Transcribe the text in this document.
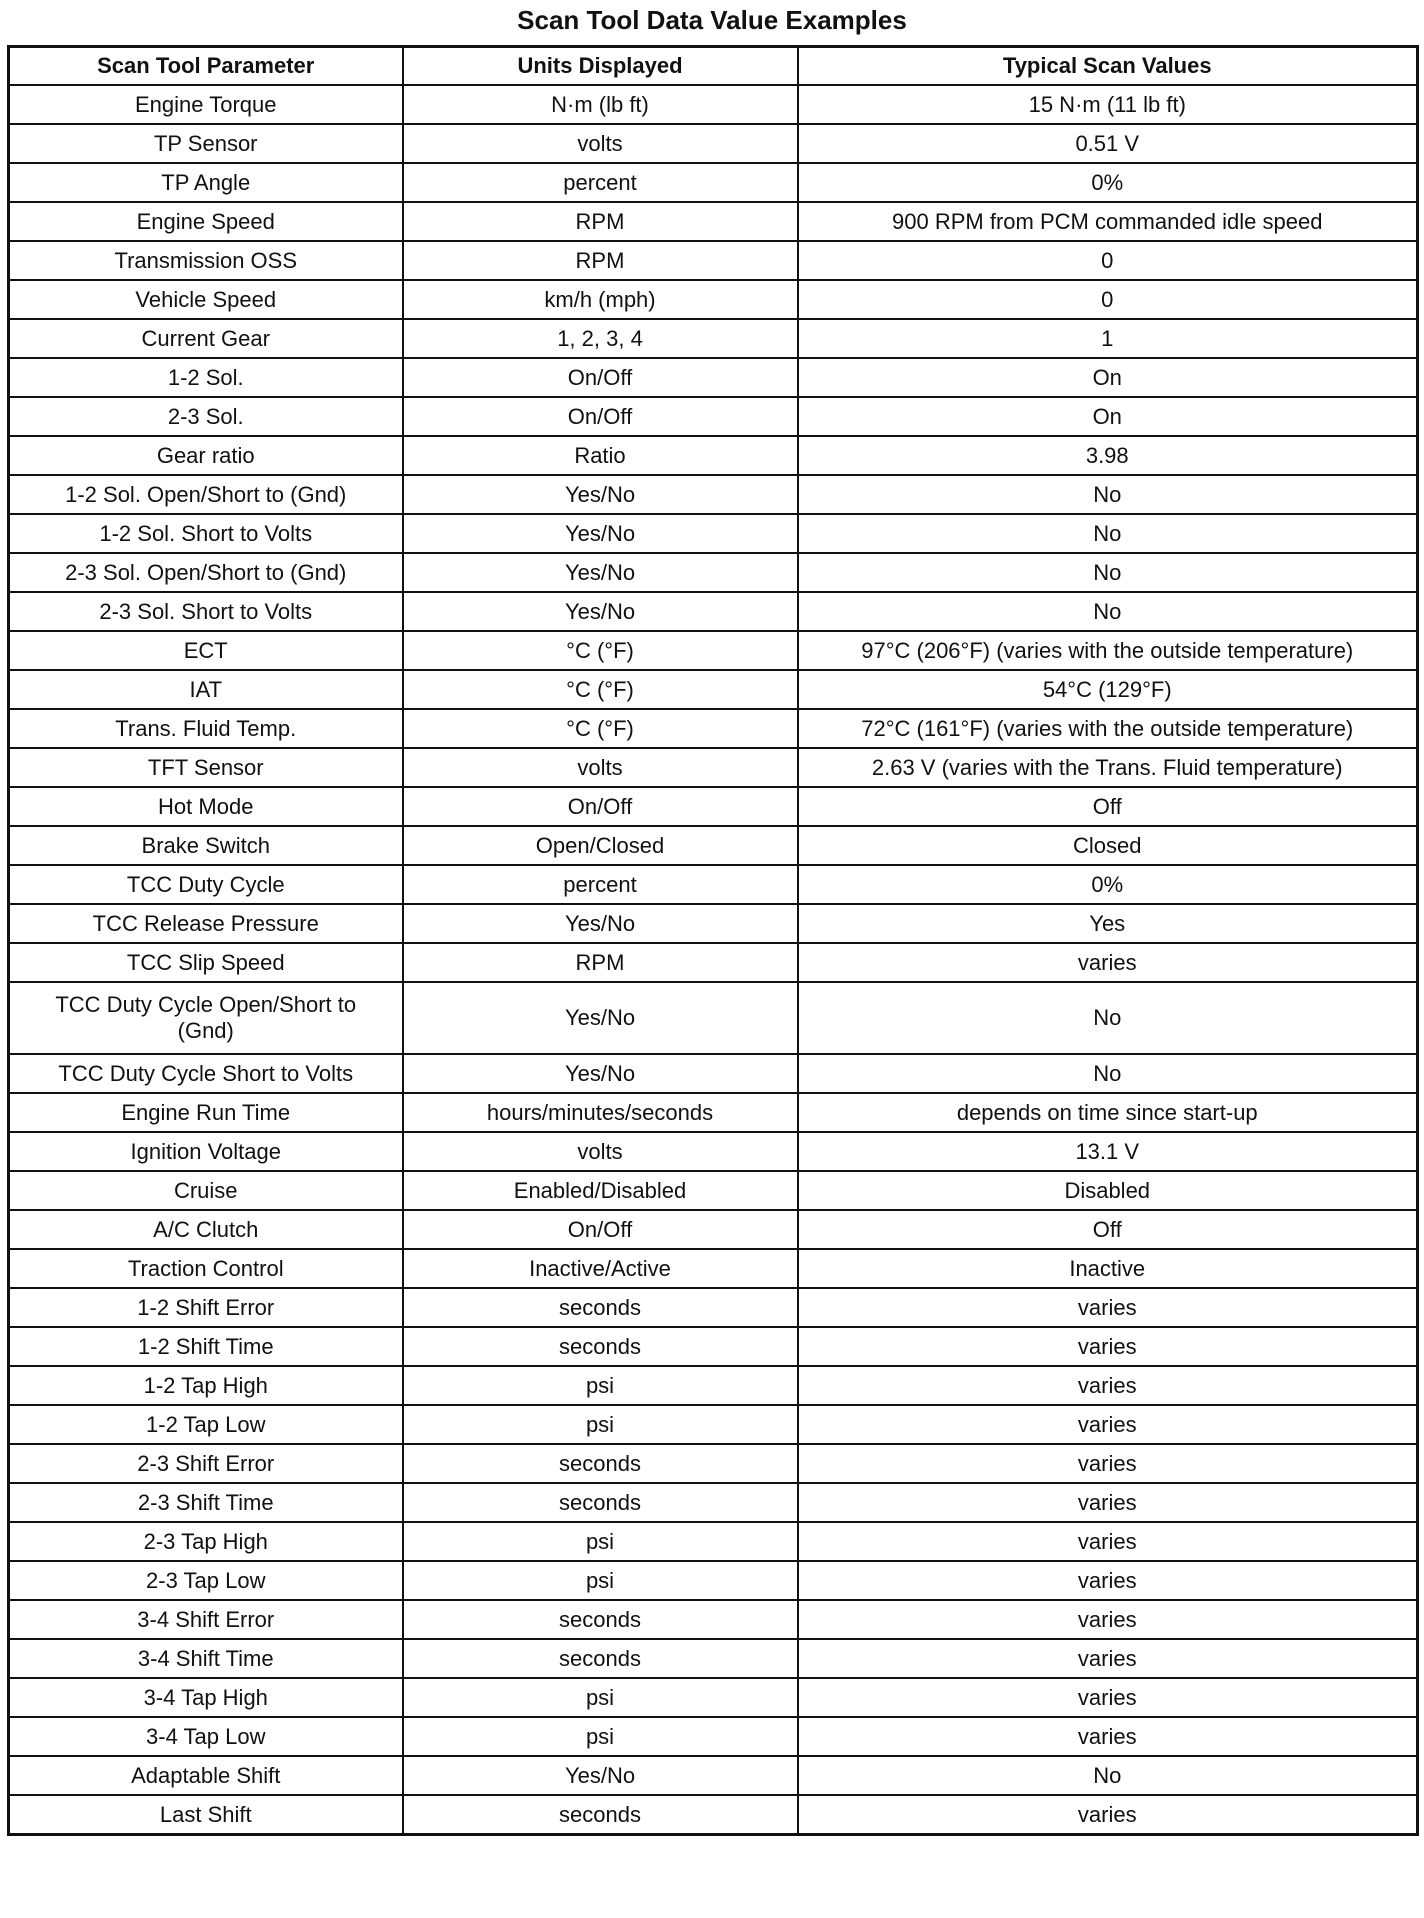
Scan Tool Data Value Examples
Scan Tool Parameter	Units Displayed	Typical Scan Values
Engine Torque	N·m (lb ft)	15 N·m (11 lb ft)
TP Sensor	volts	0.51 V
TP Angle	percent	0%
Engine Speed	RPM	900 RPM from PCM commanded idle speed
Transmission OSS	RPM	0
Vehicle Speed	km/h (mph)	0
Current Gear	1, 2, 3, 4	1
1-2 Sol.	On/Off	On
2-3 Sol.	On/Off	On
Gear ratio	Ratio	3.98
1-2 Sol. Open/Short to (Gnd)	Yes/No	No
1-2 Sol. Short to Volts	Yes/No	No
2-3 Sol. Open/Short to (Gnd)	Yes/No	No
2-3 Sol. Short to Volts	Yes/No	No
ECT	°C (°F)	97°C (206°F) (varies with the outside temperature)
IAT	°C (°F)	54°C (129°F)
Trans. Fluid Temp.	°C (°F)	72°C (161°F) (varies with the outside temperature)
TFT Sensor	volts	2.63 V (varies with the Trans. Fluid temperature)
Hot Mode	On/Off	Off
Brake Switch	Open/Closed	Closed
TCC Duty Cycle	percent	0%
TCC Release Pressure	Yes/No	Yes
TCC Slip Speed	RPM	varies
TCC Duty Cycle Open/Short to (Gnd)	Yes/No	No
TCC Duty Cycle Short to Volts	Yes/No	No
Engine Run Time	hours/minutes/seconds	depends on time since start-up
Ignition Voltage	volts	13.1 V
Cruise	Enabled/Disabled	Disabled
A/C Clutch	On/Off	Off
Traction Control	Inactive/Active	Inactive
1-2 Shift Error	seconds	varies
1-2 Shift Time	seconds	varies
1-2 Tap High	psi	varies
1-2 Tap Low	psi	varies
2-3 Shift Error	seconds	varies
2-3 Shift Time	seconds	varies
2-3 Tap High	psi	varies
2-3 Tap Low	psi	varies
3-4 Shift Error	seconds	varies
3-4 Shift Time	seconds	varies
3-4 Tap High	psi	varies
3-4 Tap Low	psi	varies
Adaptable Shift	Yes/No	No
Last Shift	seconds	varies
